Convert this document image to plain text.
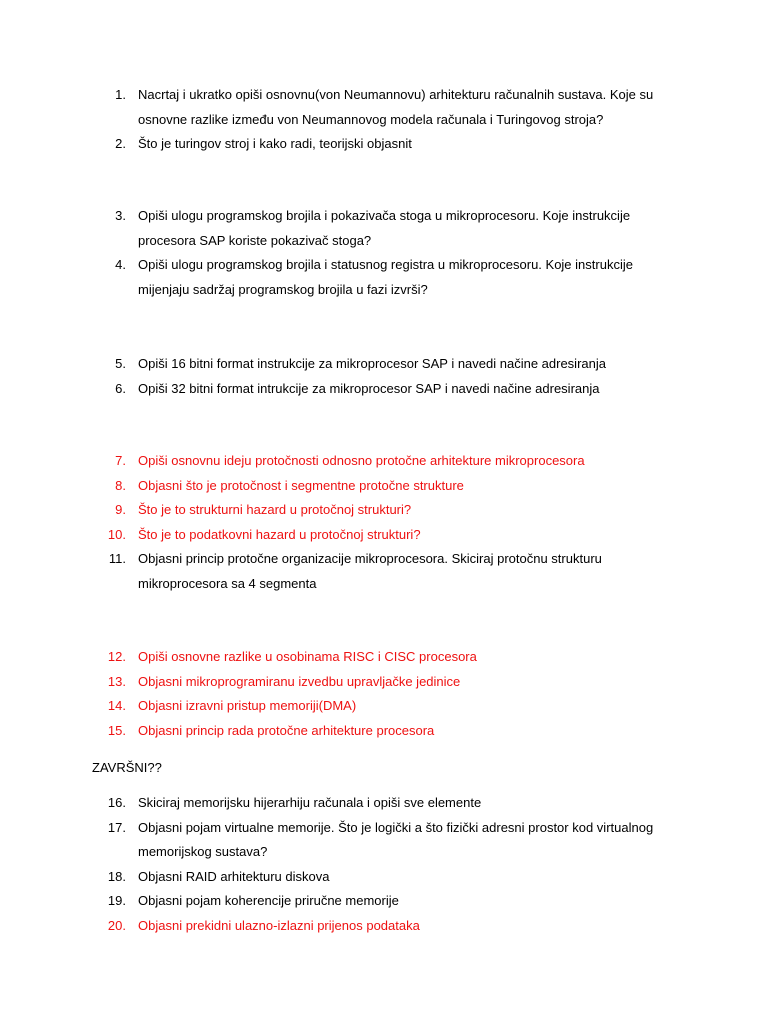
1. Nacrtaj i ukratko opiši osnovnu(von Neumannovu) arhitekturu računalnih sustava. Koje su osnovne razlike između von Neumannovog modela računala i Turingovog stroja?
2. Što je turingov stroj i kako radi, teorijski objasnit
3. Opiši ulogu programskog brojila i pokazivača stoga u mikroprocesoru. Koje instrukcije procesora SAP koriste pokazivač stoga?
4. Opiši ulogu programskog brojila i statusnog registra u mikroprocesoru. Koje instrukcije mijenjaju sadržaj programskog brojila u fazi izvrši?
5. Opiši 16 bitni format instrukcije za mikroprocesor SAP i navedi načine adresiranja
6. Opiši 32 bitni format intrukcije za mikroprocesor SAP i navedi načine adresiranja
7. Opiši osnovnu ideju protočnosti odnosno protočne arhitekture mikroprocesora
8. Objasni što je protočnost i segmentne protočne strukture
9. Što je to strukturni hazard u protočnoj strukturi?
10. Što je to podatkovni hazard u protočnoj strukturi?
11. Objasni princip protočne organizacije mikroprocesora. Skiciraj protočnu strukturu mikroprocesora sa 4 segmenta
12. Opiši osnovne razlike u osobinama RISC i CISC procesora
13. Objasni mikroprogramiranu izvedbu upravljačke jedinice
14. Objasni izravni pristup memoriji(DMA)
15. Objasni princip rada protočne arhitekture procesora
ZAVRŠNI??
16. Skiciraj memorijsku hijerarhiju računala i opiši sve elemente
17. Objasni pojam virtualne memorije. Što je logički a što fizički adresni prostor kod virtualnog memorijskog sustava?
18. Objasni RAID arhitekturu diskova
19. Objasni pojam koherencije priručne memorije
20. Objasni prekidni ulazno-izlazni prijenos podataka
